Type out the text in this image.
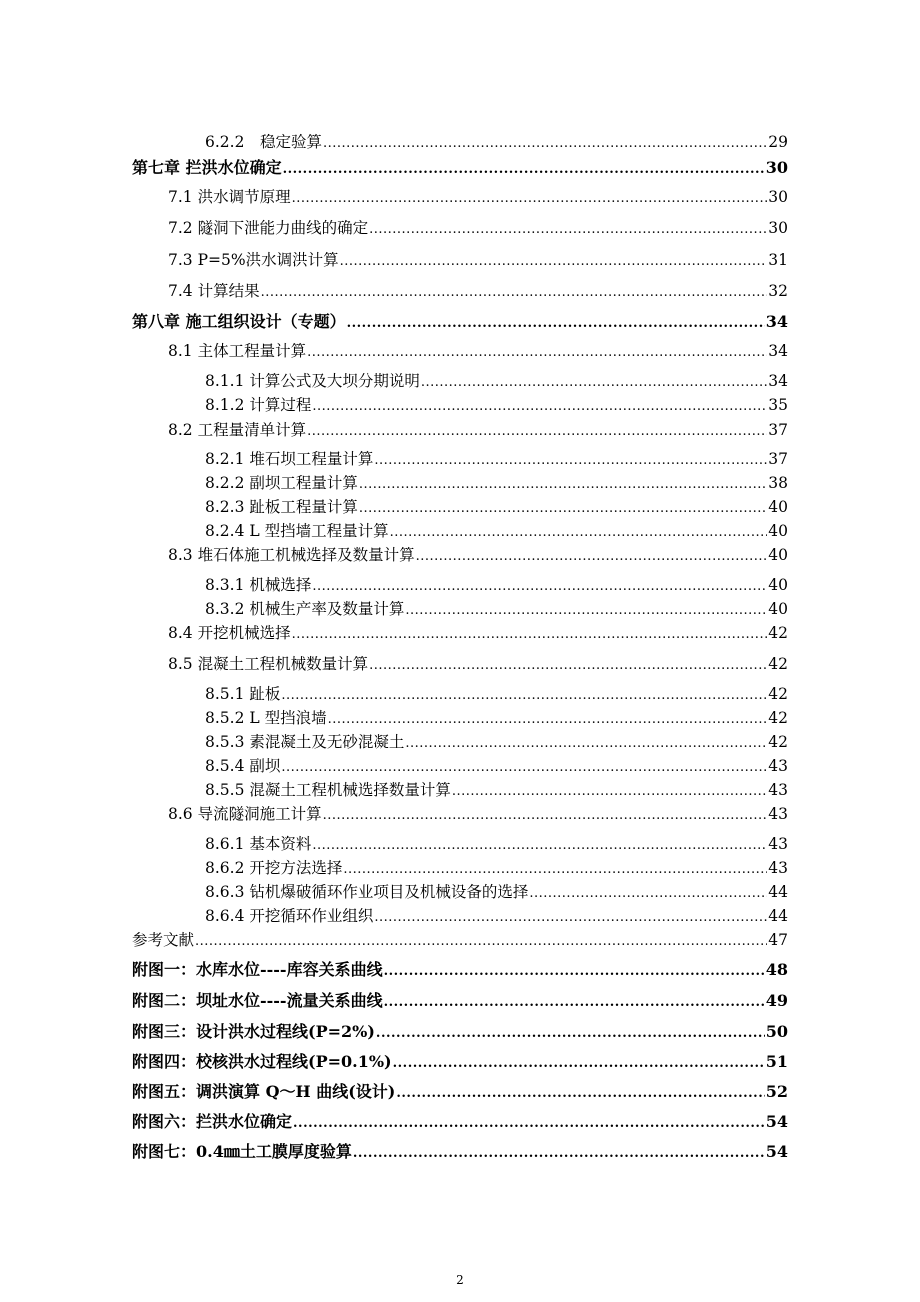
6.2.2　稳定验算 .....	29
第七章 拦洪水位确定 .....	30
7.1 洪水调节原理 .....	30
7.2 隧洞下泄能力曲线的确定 .....	30
7.3 P=5%洪水调洪计算 .....	31
7.4 计算结果 .....	32
第八章 施工组织设计（专题） .....	34
8.1 主体工程量计算 .....	34
8.1.1 计算公式及大坝分期说明 .....	34
8.1.2 计算过程 .....	35
8.2 工程量清单计算 .....	37
8.2.1 堆石坝工程量计算 .....	37
8.2.2 副坝工程量计算 .....	38
8.2.3 趾板工程量计算 .....	40
8.2.4 L 型挡墙工程量计算 .....	40
8.3 堆石体施工机械选择及数量计算 .....	40
8.3.1 机械选择 .....	40
8.3.2 机械生产率及数量计算 .....	40
8.4 开挖机械选择 .....	42
8.5 混凝土工程机械数量计算 .....	42
8.5.1 趾板 .....	42
8.5.2 L 型挡浪墙 .....	42
8.5.3 素混凝土及无砂混凝土 .....	42
8.5.4 副坝 .....	43
8.5.5 混凝土工程机械选择数量计算 .....	43
8.6 导流隧洞施工计算 .....	43
8.6.1 基本资料 .....	43
8.6.2 开挖方法选择 .....	43
8.6.3 钻机爆破循环作业项目及机械设备的选择 .....	44
8.6.4 开挖循环作业组织 .....	44
参考文献 .....	47
附图一：水库水位----库容关系曲线 .....	48
附图二：坝址水位----流量关系曲线 .....	49
附图三：设计洪水过程线(P=2%) .....	50
附图四：校核洪水过程线(P=0.1%) .....	51
附图五：调洪演算 Q～H 曲线(设计) .....	52
附图六：拦洪水位确定 .....	54
附图七：0.4㎜土工膜厚度验算 .....	54
2
